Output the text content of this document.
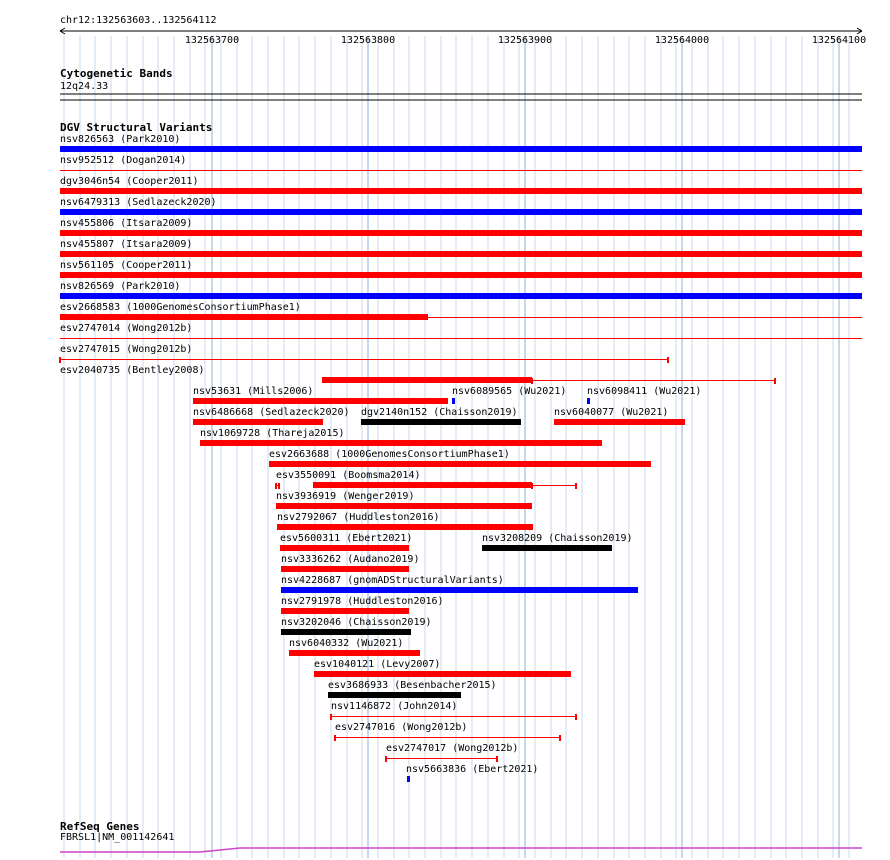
chr12:132563603..132564112
132563700	132563800	132563900	132564000	132564100
Cytogenetic Bands
12q24.33
DGV Structural Variants
nsv826563 (Park2010)
nsv952512 (Dogan2014)
dgv3046n54 (Cooper2011)
nsv6479313 (Sedlazeck2020)
nsv455806 (Itsara2009)
nsv455807 (Itsara2009)
nsv561105 (Cooper2011)
nsv826569 (Park2010)
esv2668583 (1000GenomesConsortiumPhase1)
esv2747014 (Wong2012b)
esv2747015 (Wong2012b)
esv2040735 (Bentley2008)
nsv53631 (Mills2006)	nsv6089565 (Wu2021) nsv6098411 (Wu2021)
nsv6486668 (Sedlazeck2020) dgv2140n152 (Chaisson2019)	nsv6040077 (Wu2021)
nsv1069728 (Thareja2015)
esv2663688 (1000GenomesConsortiumPhase1)
esv3550091 (Boomsma2014)
nsv3936919 (Wenger2019)
nsv2792067 (Huddleston2016)
esv5600311 (Ebert2021)	nsv3208209 (Chaisson2019)
nsv3336262 (Audano2019)
nsv4228687 (gnomADStructuralVariants)
nsv2791978 (Huddleston2016)
nsv3202046 (Chaisson2019)
nsv6040332 (Wu2021)
esv1040121 (Levy2007)
esv3686933 (Besenbacher2015)
nsv1146872 (John2014)
esv2747016 (Wong2012b)
esv2747017 (Wong2012b)
nsv5663836 (Ebert2021)
RefSeq Genes
FBRSL1|NM_001142641
